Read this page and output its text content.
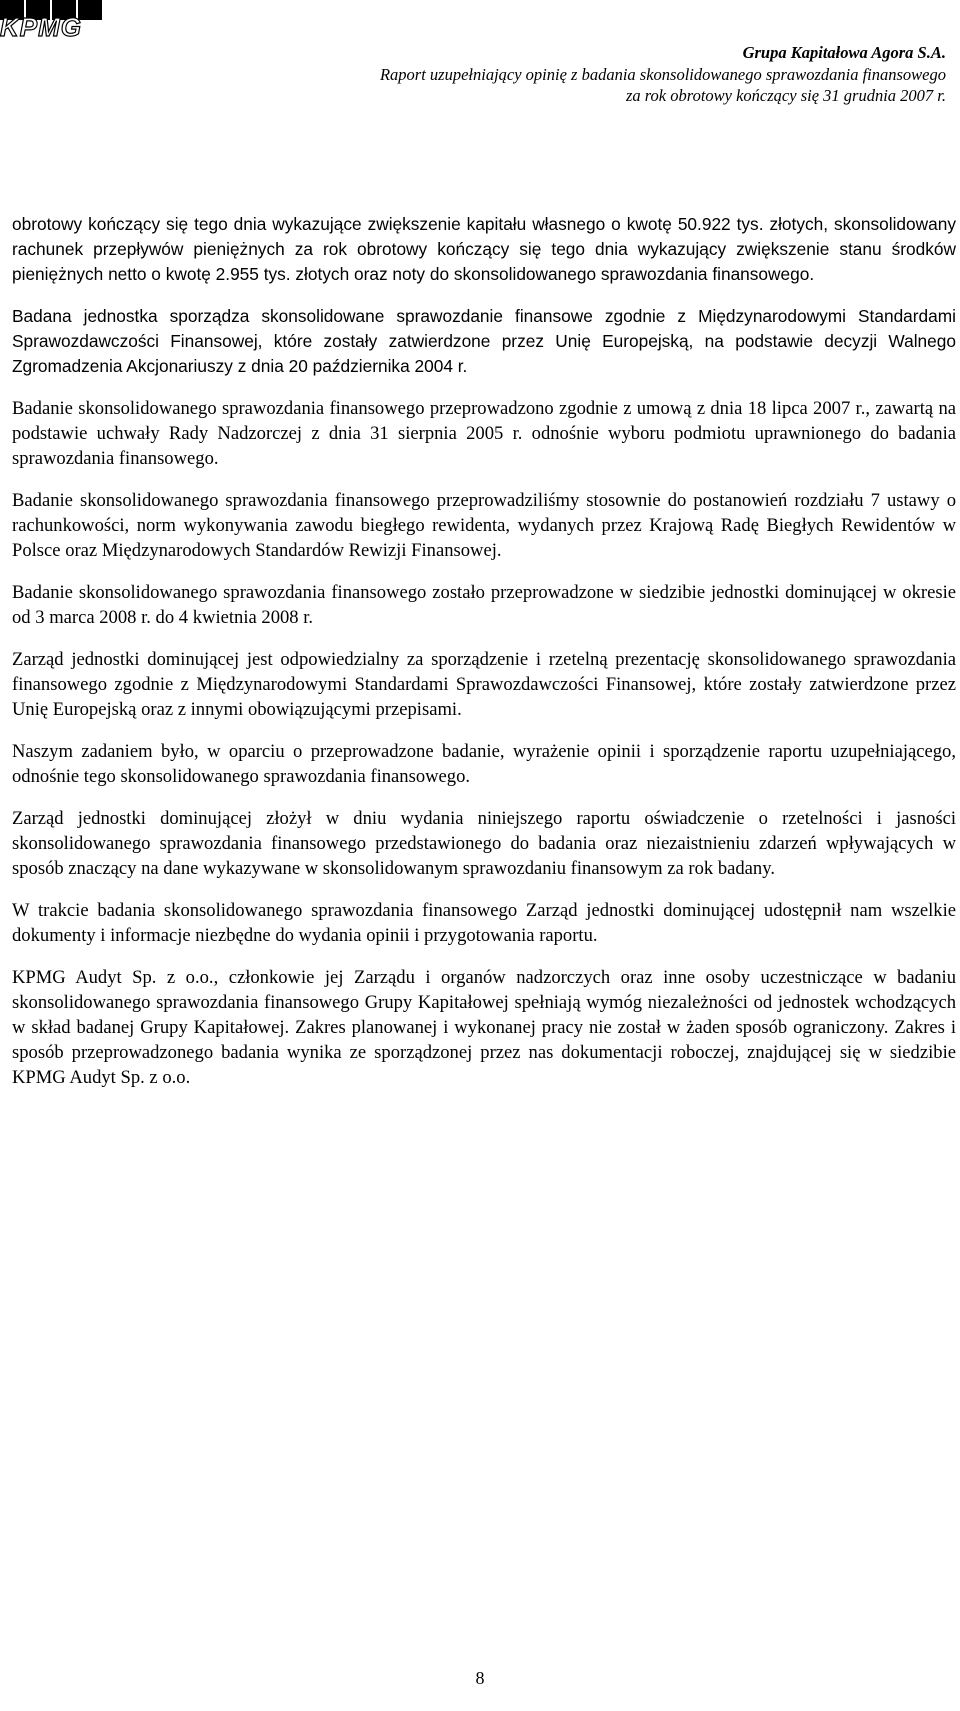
KPMG
Grupa Kapitałowa Agora S.A.
Raport uzupełniający opinię z badania skonsolidowanego sprawozdania finansowego
za rok obrotowy kończący się 31 grudnia 2007 r.

obrotowy kończący się tego dnia wykazujące zwiększenie kapitału własnego o kwotę 50.922 tys. złotych, skonsolidowany rachunek przepływów pieniężnych za rok obrotowy kończący się tego dnia wykazujący zwiększenie stanu środków pieniężnych netto o kwotę 2.955 tys. złotych oraz noty do skonsolidowanego sprawozdania finansowego.

Badana jednostka sporządza skonsolidowane sprawozdanie finansowe zgodnie z Międzynarodowymi Standardami Sprawozdawczości Finansowej, które zostały zatwierdzone przez Unię Europejską, na podstawie decyzji Walnego Zgromadzenia Akcjonariuszy z dnia 20 października 2004 r.

Badanie skonsolidowanego sprawozdania finansowego przeprowadzono zgodnie z umową z dnia 18 lipca 2007 r., zawartą na podstawie uchwały Rady Nadzorczej z dnia 31 sierpnia 2005 r. odnośnie wyboru podmiotu uprawnionego do badania sprawozdania finansowego.

Badanie skonsolidowanego sprawozdania finansowego przeprowadziliśmy stosownie do postanowień rozdziału 7 ustawy o rachunkowości, norm wykonywania zawodu biegłego rewidenta, wydanych przez Krajową Radę Biegłych Rewidentów w Polsce oraz Międzynarodowych Standardów Rewizji Finansowej.

Badanie skonsolidowanego sprawozdania finansowego zostało przeprowadzone w siedzibie jednostki dominującej w okresie od 3 marca 2008 r. do 4 kwietnia 2008 r.

Zarząd jednostki dominującej jest odpowiedzialny za sporządzenie i rzetelną prezentację skonsolidowanego sprawozdania finansowego zgodnie z Międzynarodowymi Standardami Sprawozdawczości Finansowej, które zostały zatwierdzone przez Unię Europejską oraz z innymi obowiązującymi przepisami.

Naszym zadaniem było, w oparciu o przeprowadzone badanie, wyrażenie opinii i sporządzenie raportu uzupełniającego, odnośnie tego skonsolidowanego sprawozdania finansowego.

Zarząd jednostki dominującej złożył w dniu wydania niniejszego raportu oświadczenie o rzetelności i jasności skonsolidowanego sprawozdania finansowego przedstawionego do badania oraz niezaistnieniu zdarzeń wpływających w sposób znaczący na dane wykazywane w skonsolidowanym sprawozdaniu finansowym za rok badany.

W trakcie badania skonsolidowanego sprawozdania finansowego Zarząd jednostki dominującej udostępnił nam wszelkie dokumenty i informacje niezbędne do wydania opinii i przygotowania raportu.

KPMG Audyt Sp. z o.o., członkowie jej Zarządu i organów nadzorczych oraz inne osoby uczestniczące w badaniu skonsolidowanego sprawozdania finansowego Grupy Kapitałowej spełniają wymóg niezależności od jednostek wchodzących w skład badanej Grupy Kapitałowej. Zakres planowanej i wykonanej pracy nie został w żaden sposób ograniczony. Zakres i sposób przeprowadzonego badania wynika ze sporządzonej przez nas dokumentacji roboczej, znajdującej się w siedzibie KPMG Audyt Sp. z o.o.

8
